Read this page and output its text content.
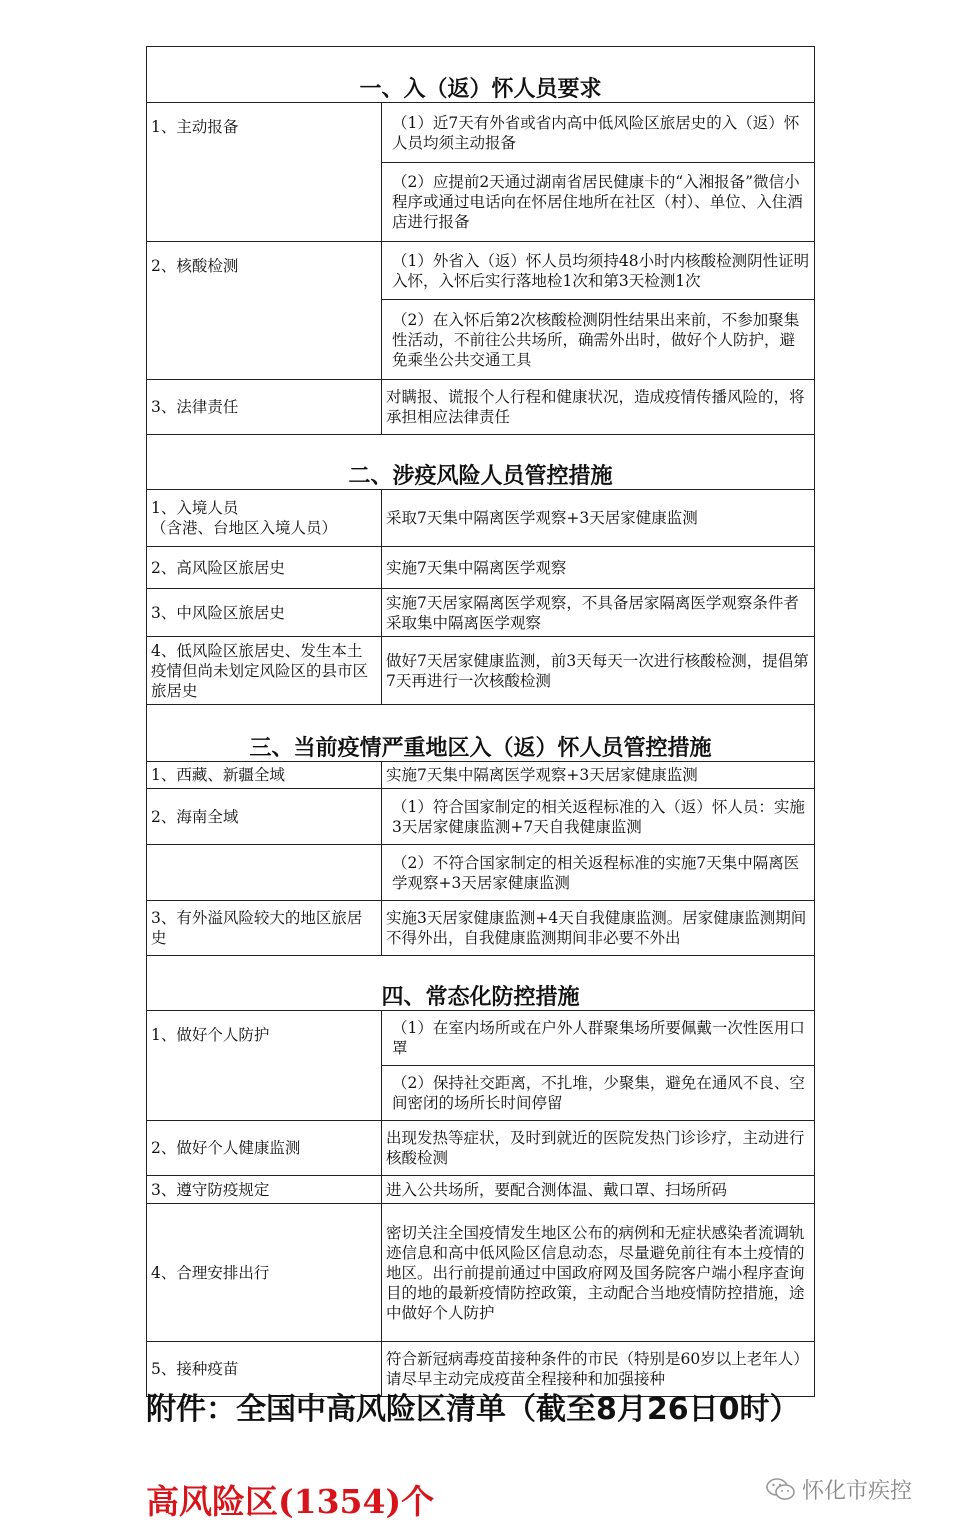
一、入（返）怀人员要求	
1、主动报备	（1）近7天有外省或省内高中低风险区旅居史的入（返）怀人员均须主动报备

	（2）应提前2天通过湖南省居民健康卡的“入湘报备”微信小程序或通过电话向在怀居住地所在社区（村）、单位、入住酒店进行报备

2、核酸检测	（1）外省入（返）怀人员均须持48小时内核酸检测阴性证明入怀，入怀后实行落地检1次和第3天检测1次

	（2）在入怀后第2次核酸检测阴性结果出来前，不参加聚集性活动，不前往公共场所，确需外出时，做好个人防护，避免乘坐公共交通工具

3、法律责任	对瞒报、谎报个人行程和健康状况，造成疫情传播风险的，将承担相应法律责任
二、涉疫风险人员管控措施	
1、入境人员
（含港、台地区入境人员）	采取7天集中隔离医学观察+3天居家健康监测
2、高风险区旅居史	实施7天集中隔离医学观察
3、中风险区旅居史	实施7天居家隔离医学观察，不具备居家隔离医学观察条件者采取集中隔离医学观察
4、低风险区旅居史、发生本土疫情但尚未划定风险区的县市区旅居史	做好7天居家健康监测，前3天每天一次进行核酸检测，提倡第7天再进行一次核酸检测
三、当前疫情严重地区入（返）怀人员管控措施	
1、西藏、新疆全域	实施7天集中隔离医学观察+3天居家健康监测
2、海南全域	（1）符合国家制定的相关返程标准的入（返）怀人员：实施3天居家健康监测+7天自我健康监测

	（2）不符合国家制定的相关返程标准的实施7天集中隔离医学观察+3天居家健康监测

3、有外溢风险较大的地区旅居史	实施3天居家健康监测+4天自我健康监测。居家健康监测期间不得外出，自我健康监测期间非必要不外出
四、常态化防控措施	
1、做好个人防护	（1）在室内场所或在户外人群聚集场所要佩戴一次性医用口罩

	（2）保持社交距离，不扎堆，少聚集，避免在通风不良、空间密闭的场所长时间停留

2、做好个人健康监测	出现发热等症状，及时到就近的医院发热门诊诊疗，主动进行核酸检测
3、遵守防疫规定	进入公共场所，要配合测体温、戴口罩、扫场所码
4、合理安排出行	密切关注全国疫情发生地区公布的病例和无症状感染者流调轨迹信息和高中低风险区信息动态，尽量避免前往有本土疫情的地区。出行前提前通过中国政府网及国务院客户端小程序查询目的地的最新疫情防控政策，主动配合当地疫情防控措施，途中做好个人防护
5、接种疫苗	符合新冠病毒疫苗接种条件的市民（特别是60岁以上老年人）请尽早主动完成疫苗全程接种和加强接种
附件：全国中高风险区清单（截至8月26日0时）
高风险区(1354)个	怀化市疾控
